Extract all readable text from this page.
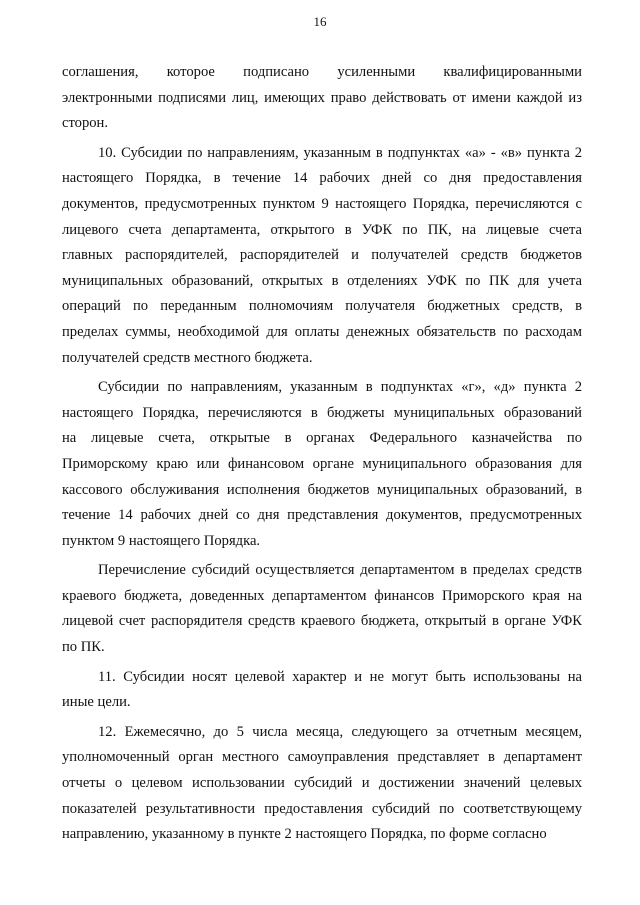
16
соглашения, которое подписано усиленными квалифицированными
электронными подписями лиц, имеющих право действовать от имени каждой из
сторон.
10. Субсидии по направлениям, указанным в подпунктах «а» - «в» пункта 2
настоящего Порядка, в течение 14 рабочих дней со дня предоставления
документов, предусмотренных пунктом 9 настоящего Порядка, перечисляются с
лицевого счета департамента, открытого в УФК по ПК, на лицевые счета
главных распорядителей, распорядителей и получателей средств бюджетов
муниципальных образований, открытых в отделениях УФК по ПК для учета
операций по переданным полномочиям получателя бюджетных средств, в
пределах суммы, необходимой для оплаты денежных обязательств по расходам
получателей средств местного бюджета.
Субсидии по направлениям, указанным в подпунктах «г», «д» пункта 2
настоящего Порядка, перечисляются в бюджеты муниципальных образований
на лицевые счета, открытые в органах Федерального казначейства по
Приморскому краю или финансовом органе муниципального образования для
кассового обслуживания исполнения бюджетов муниципальных образований, в
течение 14 рабочих дней со дня представления документов, предусмотренных
пунктом 9 настоящего Порядка.
Перечисление субсидий осуществляется департаментом в пределах средств
краевого бюджета, доведенных департаментом финансов Приморского края на
лицевой счет распорядителя средств краевого бюджета, открытый в органе УФК
по ПК.
11. Субсидии носят целевой характер и не могут быть использованы на
иные цели.
12. Ежемесячно, до 5 числа месяца, следующего за отчетным месяцем,
уполномоченный орган местного самоуправления представляет в департамент
отчеты о целевом использовании субсидий и достижении значений целевых
показателей результативности предоставления субсидий по соответствующему
направлению, указанному в пункте 2 настоящего Порядка, по форме согласно
